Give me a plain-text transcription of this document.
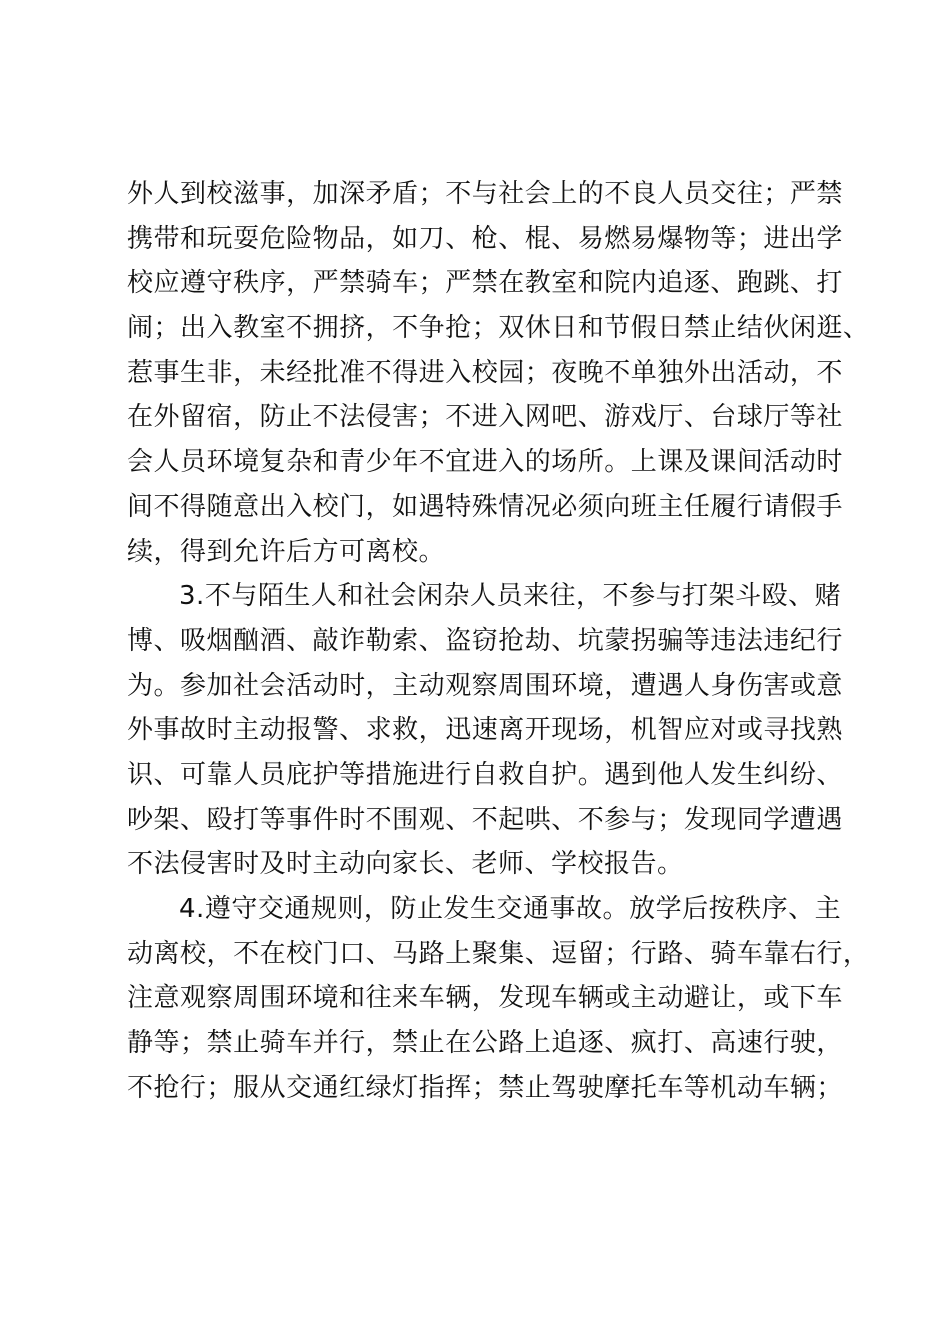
外 人 到 校 滋 事 ， 加 深 矛 盾 ； 不 与 社 会 上 的 不 良 人 员 交 往 ； 严 禁
携 带 和 玩 耍 危 险 物 品 ， 如 刀 、 枪 、 棍 、 易 燃 易 爆 物 等 ； 进 出 学
校 应 遵 守 秩 序 ， 严 禁 骑 车 ； 严 禁 在 教 室 和 院 内 追 逐 、 跑 跳 、 打
闹 ； 出 入 教 室 不 拥 挤 ， 不 争 抢 ； 双 休 日 和 节 假 日 禁 止 结 伙 闲 逛 、
惹 事 生 非 ， 未 经 批 准 不 得 进 入 校 园 ； 夜 晚 不 单 独 外 出 活 动 ， 不
在 外 留 宿 ， 防 止 不 法 侵 害 ； 不 进 入 网 吧 、 游 戏 厅 、 台 球 厅 等 社
会 人 员 环 境 复 杂 和 青 少 年 不 宜 进 入 的 场 所 。 上 课 及 课 间 活 动 时
间 不 得 随 意 出 入 校 门 ， 如 遇 特 殊 情 况 必 须 向 班 主 任 履 行 请 假 手
续，得到允许后方可离校。
3 . 不 与 陌 生 人 和 社 会 闲 杂 人 员 来 往 ， 不 参 与 打 架 斗 殴 、 赌
博 、 吸 烟 酗 酒 、 敲 诈 勒 索 、 盗 窃 抢 劫 、 坑 蒙 拐 骗 等 违 法 违 纪 行
为 。 参 加 社 会 活 动 时 ， 主 动 观 察 周 围 环 境 ， 遭 遇 人 身 伤 害 或 意
外 事 故 时 主 动 报 警 、 求 救 ， 迅 速 离 开 现 场 ， 机 智 应 对 或 寻 找 熟
识 、 可 靠 人 员 庇 护 等 措 施 进 行 自 救 自 护 。 遇 到 他 人 发 生 纠 纷 、
吵 架 、 殴 打 等 事 件 时 不 围 观 、 不 起 哄 、 不 参 与 ； 发 现 同 学 遭 遇
不法侵害时及时主动向家长、老师、学校报告。
4 . 遵 守 交 通 规 则 ， 防 止 发 生 交 通 事 故 。 放 学 后 按 秩 序 、 主
动 离 校 ， 不 在 校 门 口 、 马 路 上 聚 集 、 逗 留 ； 行 路 、 骑 车 靠 右 行 ，
注 意 观 察 周 围 环 境 和 往 来 车 辆 ， 发 现 车 辆 或 主 动 避 让 ， 或 下 车
静 等 ； 禁 止 骑 车 并 行 ， 禁 止 在 公 路 上 追 逐 、 疯 打 、 高 速 行 驶 ，
不 抢 行 ； 服 从 交 通 红 绿 灯 指 挥 ； 禁 止 驾 驶 摩 托 车 等 机 动 车 辆 ；
